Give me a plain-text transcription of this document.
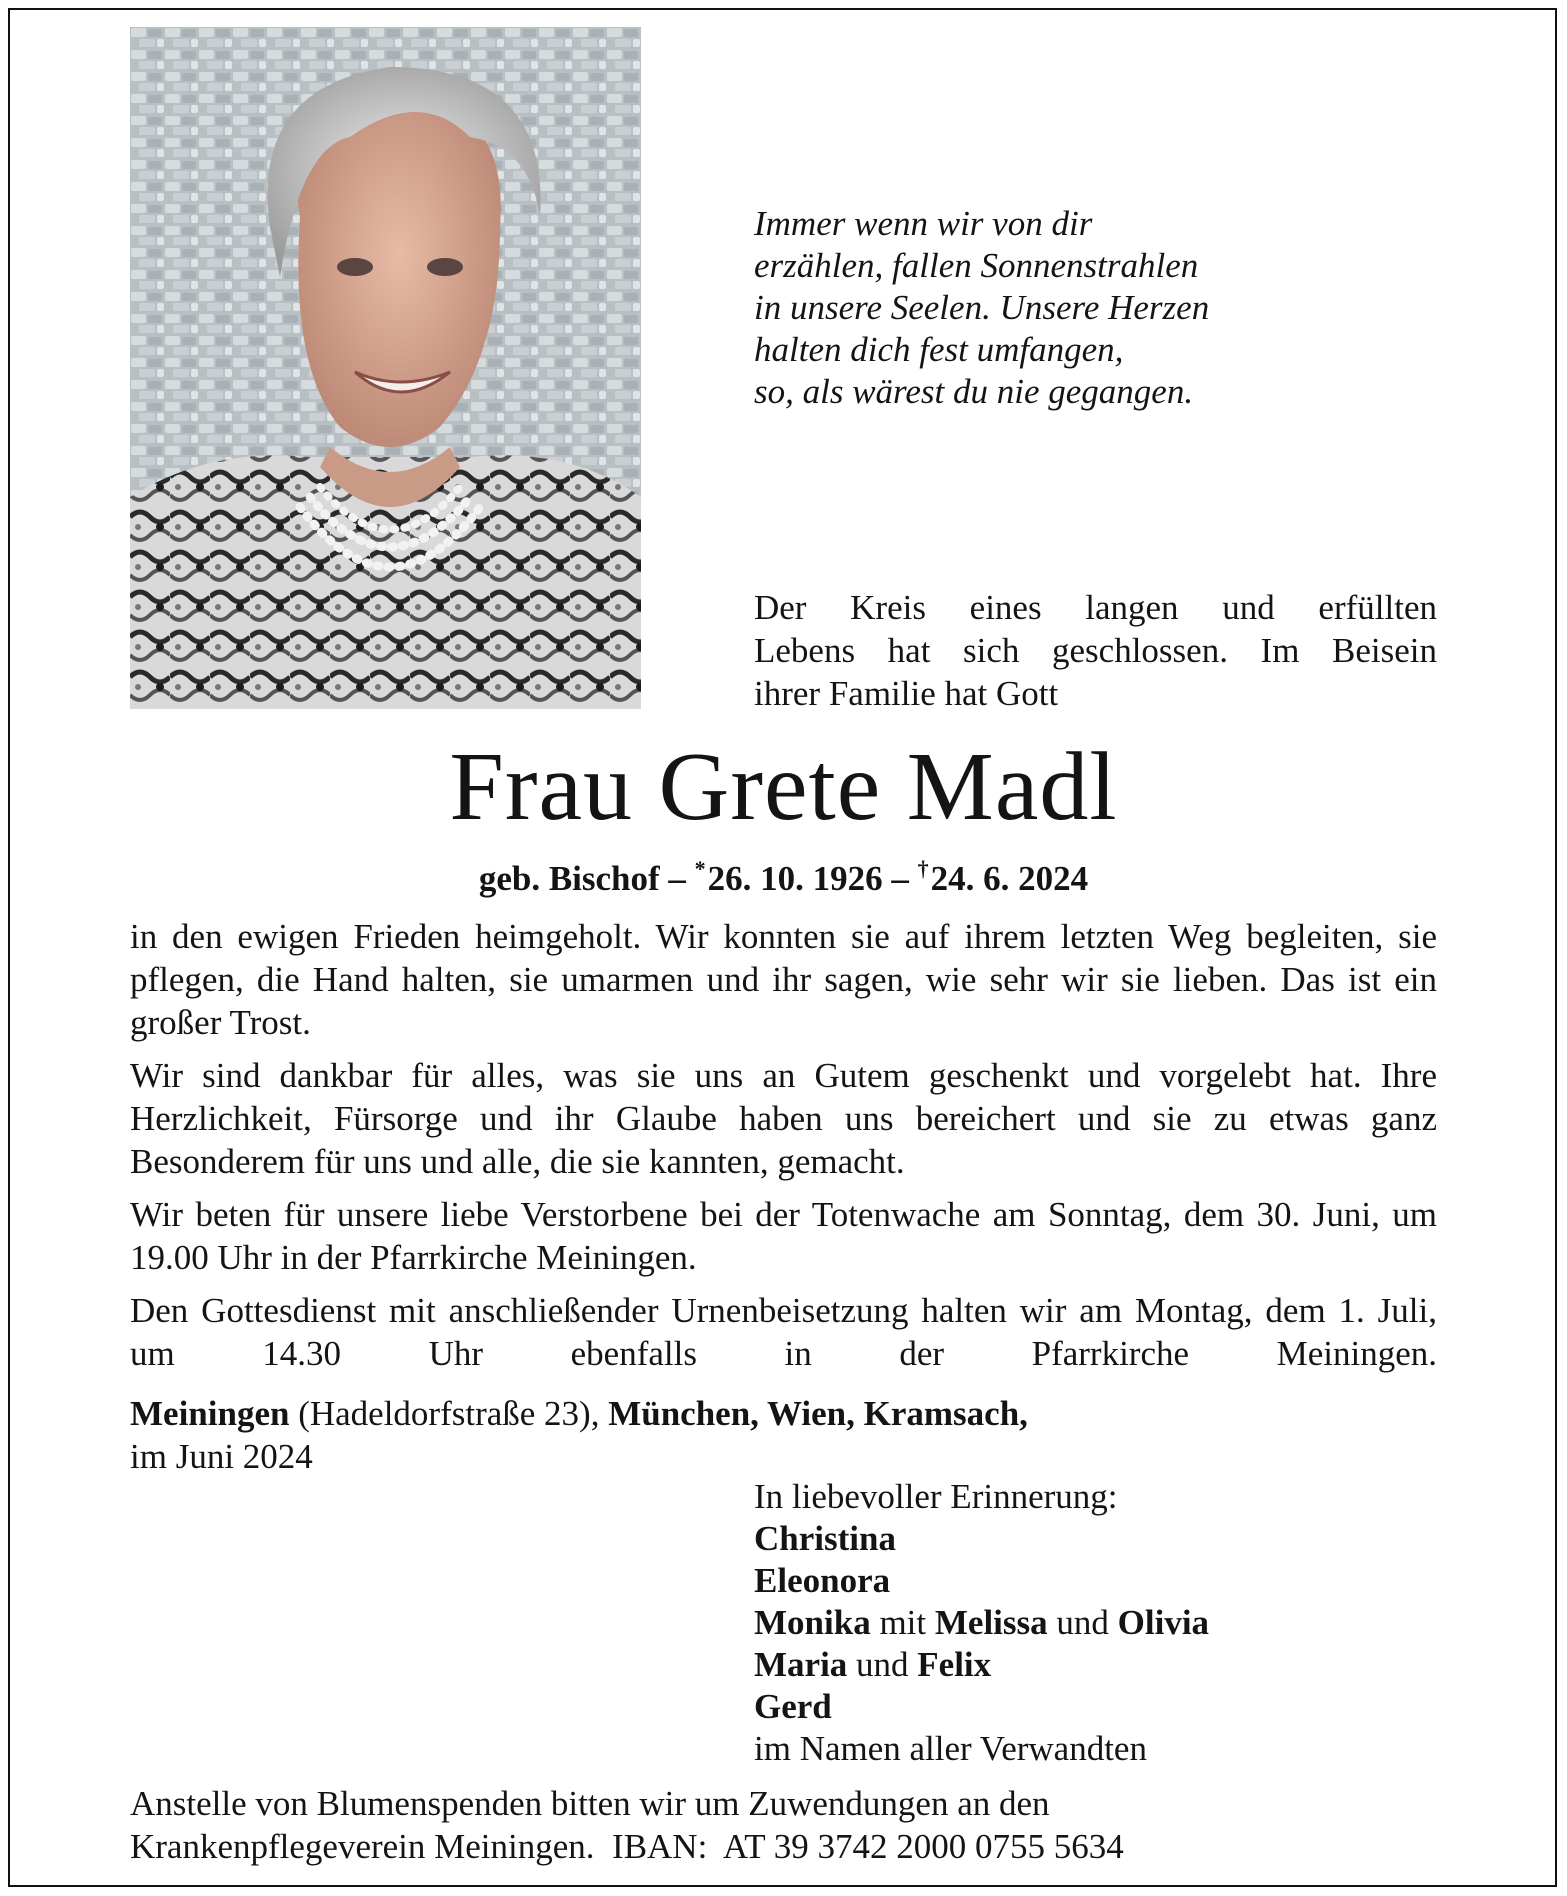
Immer wenn wir von dir
erzählen, fallen Sonnenstrahlen
in unsere Seelen. Unsere Herzen
halten dich fest umfangen,
so, als wärest du nie gegangen.
Der Kreis eines langen und erfüllten
Lebens hat sich geschlossen. Im Beisein
ihrer Familie hat Gott
Frau Grete Madl
geb. Bischof – *26. 10. 1926 – †24. 6. 2024

in den ewigen Frieden heimgeholt. Wir konnten sie auf ihrem letzten Weg begleiten, sie pflegen, die Hand halten, sie umarmen und ihr sagen, wie sehr wir sie lieben. Das ist ein großer Trost.

Wir sind dankbar für alles, was sie uns an Gutem geschenkt und vorgelebt hat. Ihre Herzlichkeit, Fürsorge und ihr Glaube haben uns bereichert und sie zu etwas ganz Besonderem für uns und alle, die sie kannten, gemacht.

Wir beten für unsere liebe Verstorbene bei der Totenwache am Sonntag, dem 30. Juni, um 19.00 Uhr in der Pfarrkirche Meiningen.

Den Gottesdienst mit anschließender Urnenbeisetzung halten wir am Montag, dem 1. Juli, um 14.30 Uhr ebenfalls in der Pfarrkirche Meiningen.

Meiningen (Hadeldorfstraße 23), München, Wien, Kramsach,
im Juni 2024
In liebevoller Erinnerung:
Christina
Eleonora
Monika mit Melissa und Olivia
Maria und Felix
Gerd
im Namen aller Verwandten
Anstelle von Blumenspenden bitten wir um Zuwendungen an den
Krankenpflegeverein Meiningen.  IBAN:  AT 39 3742 2000 0755 5634
